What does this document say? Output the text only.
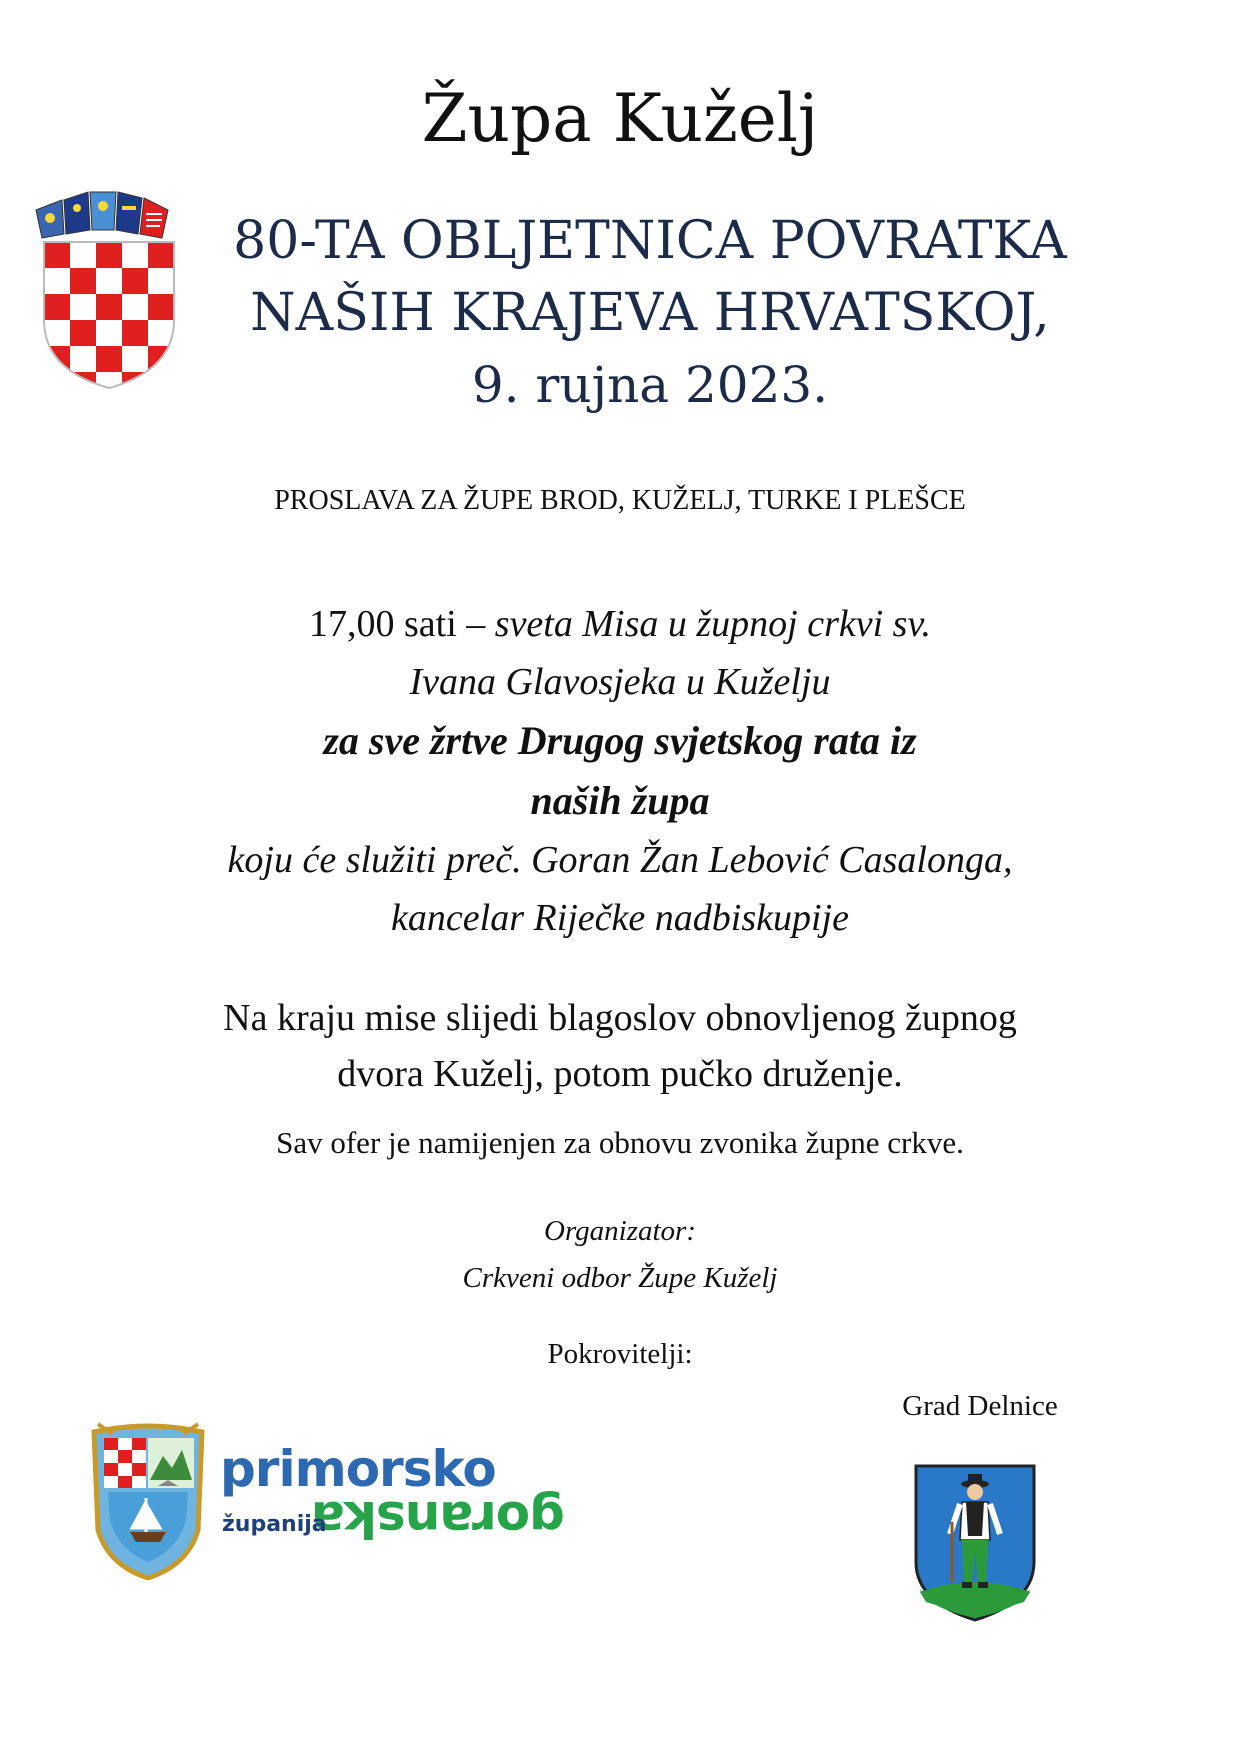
Župa Kuželj
80-TA OBLJETNICA POVRATKA
NAŠIH KRAJEVA HRVATSKOJ,
9. rujna 2023.
PROSLAVA ZA ŽUPE BROD, KUŽELJ, TURKE I PLEŠCE
17,00 sati – sveta Misa u župnoj crkvi sv.
Ivana Glavosjeka u Kuželju
za sve žrtve Drugog svjetskog rata iz
naših župa
koju će služiti preč. Goran Žan Lebović Casalonga,
kancelar Riječke nadbiskupije
Na kraju mise slijedi blagoslov obnovljenog župnog
dvora Kuželj, potom pučko druženje.
Sav ofer je namijenjen za obnovu zvonika župne crkve.
Organizator:
Crkveni odbor Župe Kuželj
Pokrovitelji:
Grad Delnice
primorsko
goranska
županija
